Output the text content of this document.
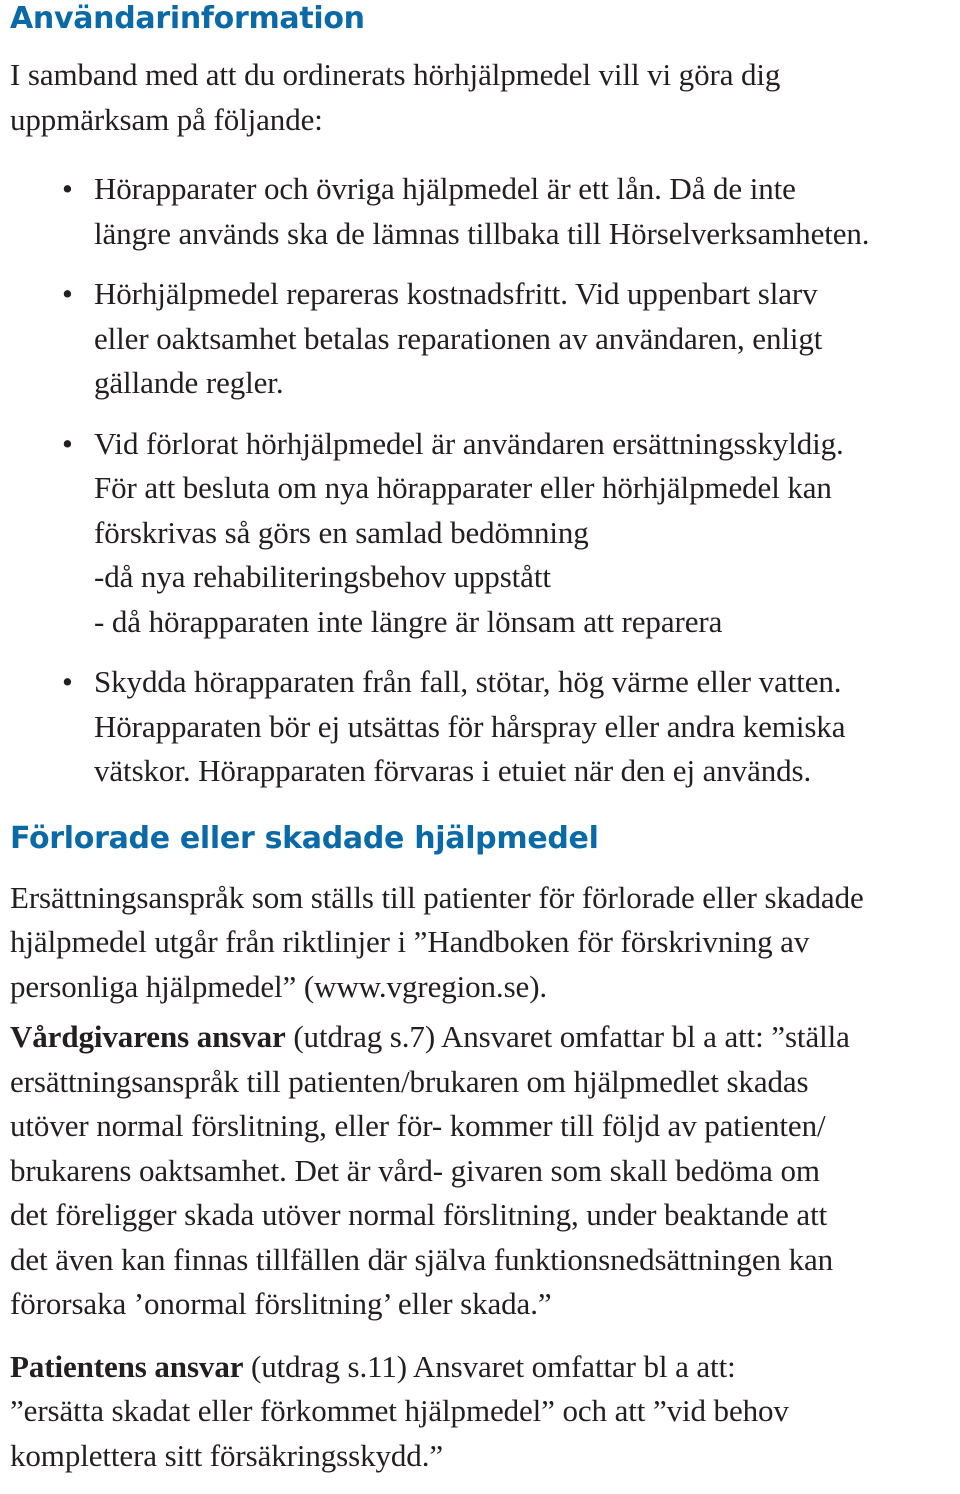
Användarinformation

I samband med att du ordinerats hörhjälpmedel vill vi göra dig
uppmärksam på följande:

• Hörapparater och övriga hjälpmedel är ett lån. Då de inte
längre används ska de lämnas tillbaka till Hörselverksamheten.
• Hörhjälpmedel repareras kostnadsfritt. Vid uppenbart slarv
eller oaktsamhet betalas reparationen av användaren, enligt
gällande regler.
• Vid förlorat hörhjälpmedel är användaren ersättningsskyldig.
För att besluta om nya hörapparater eller hörhjälpmedel kan
förskrivas så görs en samlad bedömning
-då nya rehabiliteringsbehov uppstått
- då hörapparaten inte längre är lönsam att reparera
• Skydda hörapparaten från fall, stötar, hög värme eller vatten.
Hörapparaten bör ej utsättas för hårspray eller andra kemiska
vätskor. Hörapparaten förvaras i etuiet när den ej används.
Förlorade eller skadade hjälpmedel

Ersättningsanspråk som ställs till patienter för förlorade eller skadade
hjälpmedel utgår från riktlinjer i ”Handboken för förskrivning av
personliga hjälpmedel” (www.vgregion.se).

Vårdgivarens ansvar (utdrag s.7) Ansvaret omfattar bl a att: ”ställa
ersättningsanspråk till patienten/brukaren om hjälpmedlet skadas
utöver normal förslitning, eller för- kommer till följd av patienten/
brukarens oaktsamhet. Det är vård- givaren som skall bedöma om
det föreligger skada utöver normal förslitning, under beaktande att
det även kan finnas tillfällen där själva funktionsnedsättningen kan
förorsaka ’onormal förslitning’ eller skada.”

Patientens ansvar (utdrag s.11) Ansvaret omfattar bl a att:
”ersätta skadat eller förkommet hjälpmedel” och att ”vid behov
komplettera sitt försäkringsskydd.”
